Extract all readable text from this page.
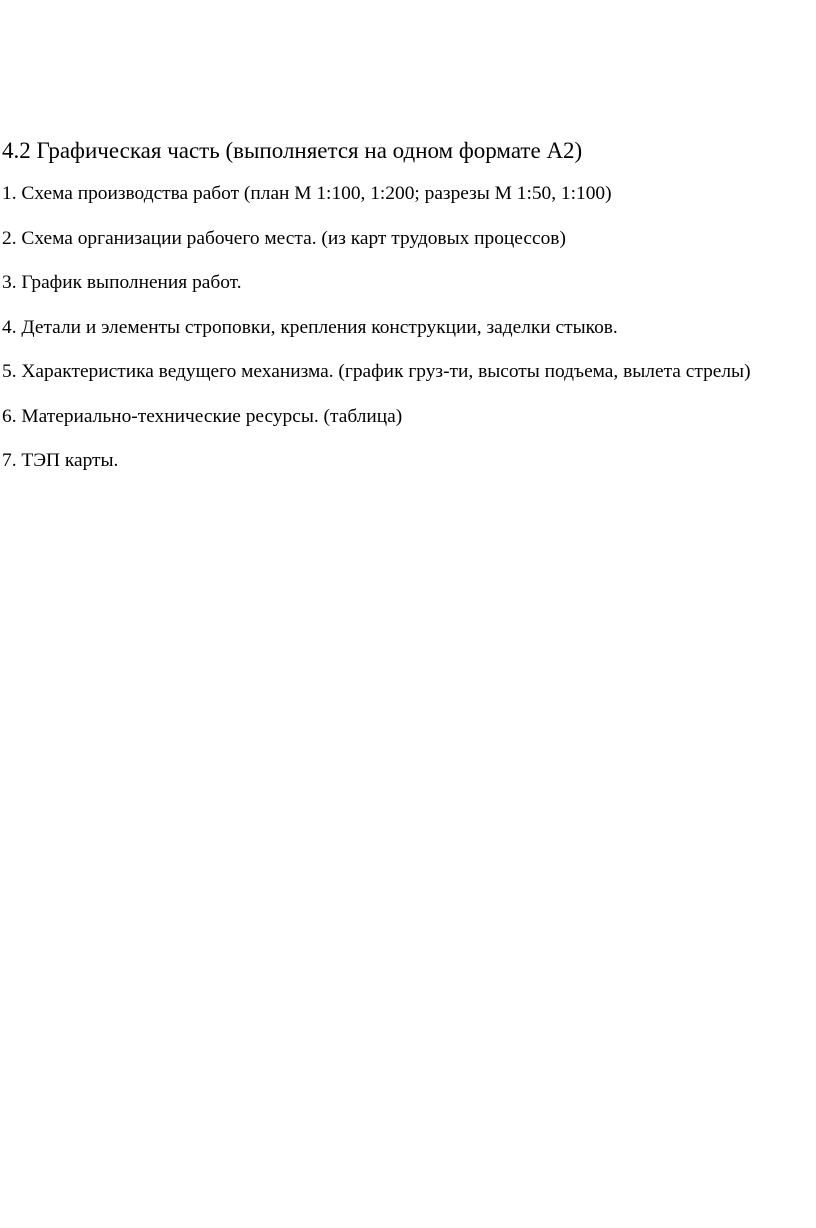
4.2 Графическая часть (выполняется на одном формате А2)
1. Схема производства работ (план М 1:100, 1:200; разрезы М 1:50, 1:100)
2. Схема организации рабочего места. (из карт трудовых процессов)
3. График выполнения работ.
4. Детали и элементы строповки, крепления конструкции, заделки стыков.
5. Характеристика ведущего механизма. (график груз-ти, высоты подъема, вылета стрелы)
6. Материально-технические ресурсы. (таблица)
7. ТЭП карты.
